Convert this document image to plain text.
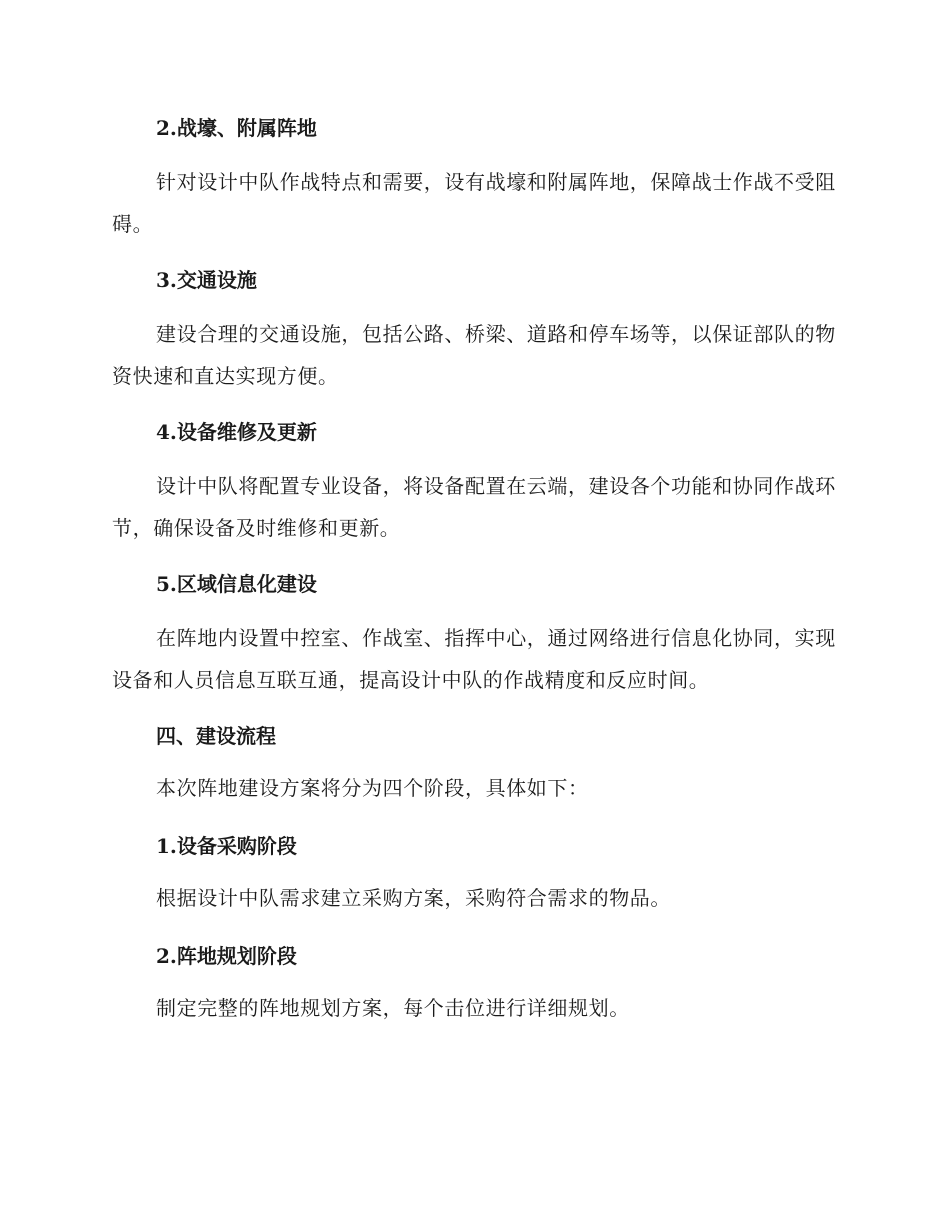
2.战壕、附属阵地

针对设计中队作战特点和需要，设有战壕和附属阵地，保障战士作战不受阻碍。

3.交通设施

建设合理的交通设施，包括公路、桥梁、道路和停车场等，以保证部队的物资快速和直达实现方便。

4.设备维修及更新

设计中队将配置专业设备，将设备配置在云端，建设各个功能和协同作战环节，确保设备及时维修和更新。

5.区域信息化建设

在阵地内设置中控室、作战室、指挥中心，通过网络进行信息化协同，实现设备和人员信息互联互通，提高设计中队的作战精度和反应时间。

四、建设流程

本次阵地建设方案将分为四个阶段，具体如下：

1.设备采购阶段

根据设计中队需求建立采购方案，采购符合需求的物品。

2.阵地规划阶段

制定完整的阵地规划方案，每个击位进行详细规划。
